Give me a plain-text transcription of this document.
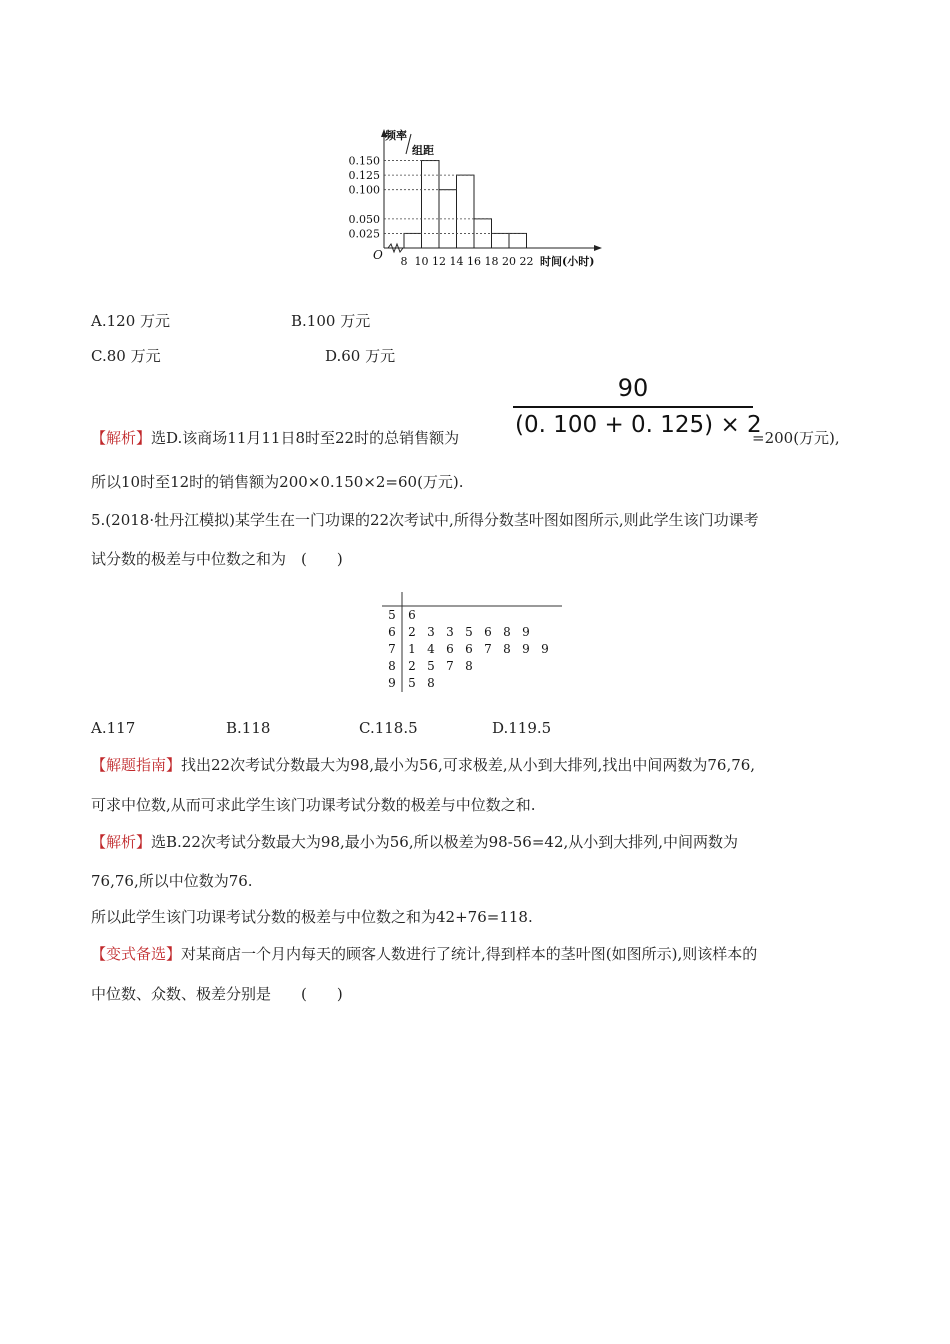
频率
组距
0.025
0.050
0.100
0.125
0.150
8 10 12 14 16 18 20 22
O	时间(小时)
A.120 万元	B.100 万元
C.80 万元	D.60 万元
【解析】选D.该商场11月11日8时至22时的总销售额为
90
(0. 100 + 0. 125) × 2
=200(万元),
所以10时至12时的销售额为200×0.150×2=60(万元).
5.(2018·牡丹江模拟)某学生在一门功课的22次考试中,所得分数茎叶图如图所示,则此学生该门功课考
试分数的极差与中位数之和为　(　　)
5 6
6 2 3 3 5 6 8 9
7 1 4 6 6 7 8 9 9
8 2 5 7 8
9 5 8
A.117	B.118	C.118.5	D.119.5
【解题指南】找出22次考试分数最大为98,最小为56,可求极差,从小到大排列,找出中间两数为76,76,
可求中位数,从而可求此学生该门功课考试分数的极差与中位数之和.
【解析】选B.22次考试分数最大为98,最小为56,所以极差为98-56=42,从小到大排列,中间两数为
76,76,所以中位数为76.
所以此学生该门功课考试分数的极差与中位数之和为42+76=118.
【变式备选】对某商店一个月内每天的顾客人数进行了统计,得到样本的茎叶图(如图所示),则该样本的
中位数、众数、极差分别是　　(　　)
